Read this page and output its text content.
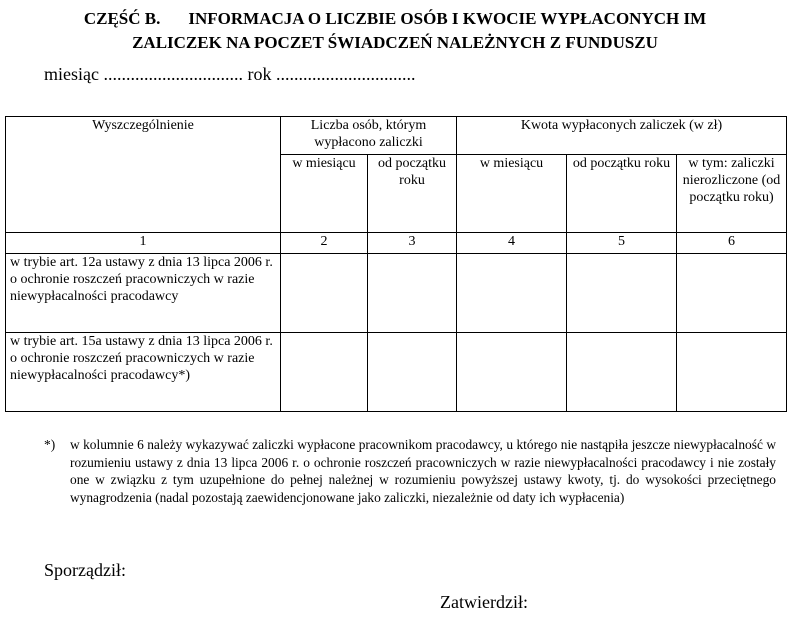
CZĘŚĆ B. INFORMACJA O LICZBIE OSÓB I KWOCIE WYPŁACONYCH IM
ZALICZEK NA POCZET ŚWIADCZEŃ NALEŻNYCH Z FUNDUSZU
miesiąc ............................... rok ...............................
Wyszczególnienie	Liczba osób, którym wypłacono zaliczki		Kwota wypłaconych zaliczek (w zł)		
	w miesiącu	od początku roku	w miesiącu	od początku roku	w tym: zaliczki nierozliczone (od początku roku)
1	2	3	4	5	6
w trybie art. 12a ustawy z dnia 13 lipca 2006 r. o ochronie roszczeń pracowniczych w razie niewypłacalności pracodawcy					
w trybie art. 15a ustawy z dnia 13 lipca 2006 r. o ochronie roszczeń pracowniczych w razie niewypłacalności pracodawcy*)					
*) w kolumnie 6 należy wykazywać zaliczki wypłacone pracownikom pracodawcy, u którego nie nastąpiła jeszcze niewypłacalność w rozumieniu ustawy z dnia 13 lipca 2006 r. o ochronie roszczeń pracowniczych w razie niewypłacalności pracodawcy i nie zostały one w związku z tym uzupełnione do pełnej należnej w rozumieniu powyższej ustawy kwoty, tj. do wysokości przeciętnego wynagrodzenia (nadal pozostają zaewidencjonowane jako zaliczki, niezależnie od daty ich wypłacenia)
Sporządził:
Zatwierdził:
